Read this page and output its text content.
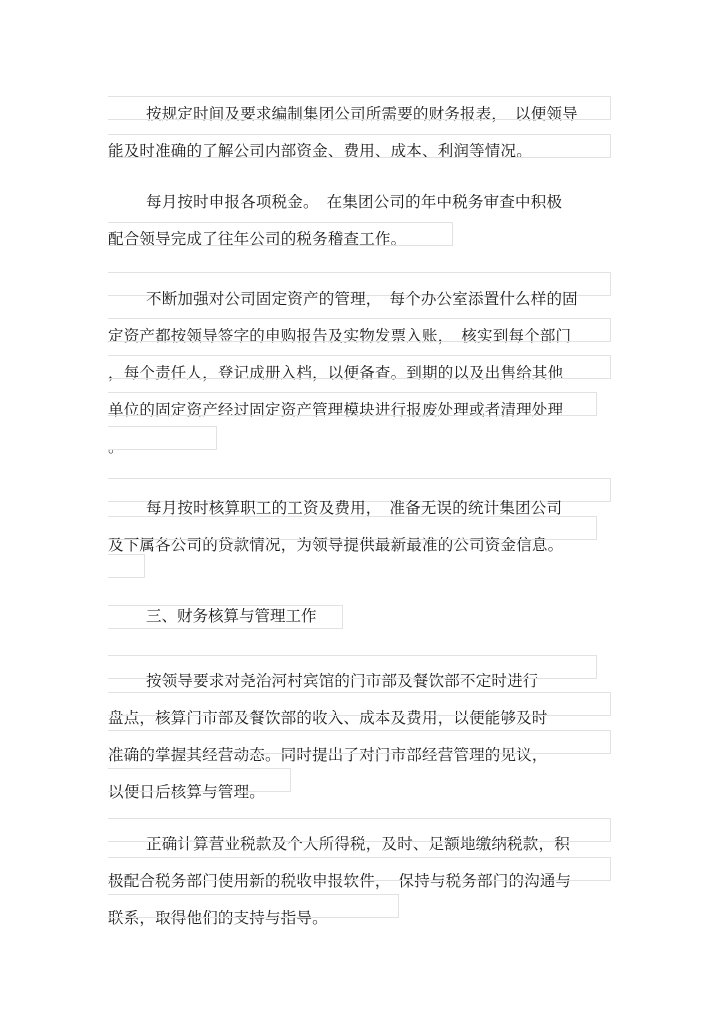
按规定时间及要求编制集团公司所需要的财务报表，　以便领导
能及时准确的了解公司内部资金、费用、成本、利润等情况。
每月按时申报各项税金。　在集团公司的年中税务审查中积极
配合领导完成了往年公司的税务稽查工作。
不断加强对公司固定资产的管理，　每个办公室添置什么样的固
定资产都按领导签字的申购报告及实物发票入账，　核实到每个部门
，每个责任人，登记成册入档，以便备查。到期的以及出售给其他
单位的固定资产经过固定资产管理模块进行报废处理或者清理处理
。
每月按时核算职工的工资及费用，　准备无误的统计集团公司
及下属各公司的贷款情况，为领导提供最新最准的公司资金信息。
三、财务核算与管理工作
按领导要求对尧治河村宾馆的门市部及餐饮部不定时进行
盘点，核算门市部及餐饮部的收入、成本及费用，以便能够及时
准确的掌握其经营动态。同时提出了对门市部经营管理的见议，
以便日后核算与管理。
正确计算营业税款及个人所得税，及时、足额地缴纳税款，积
极配合税务部门使用新的税收申报软件，　保持与税务部门的沟通与
联系，取得他们的支持与指导。
